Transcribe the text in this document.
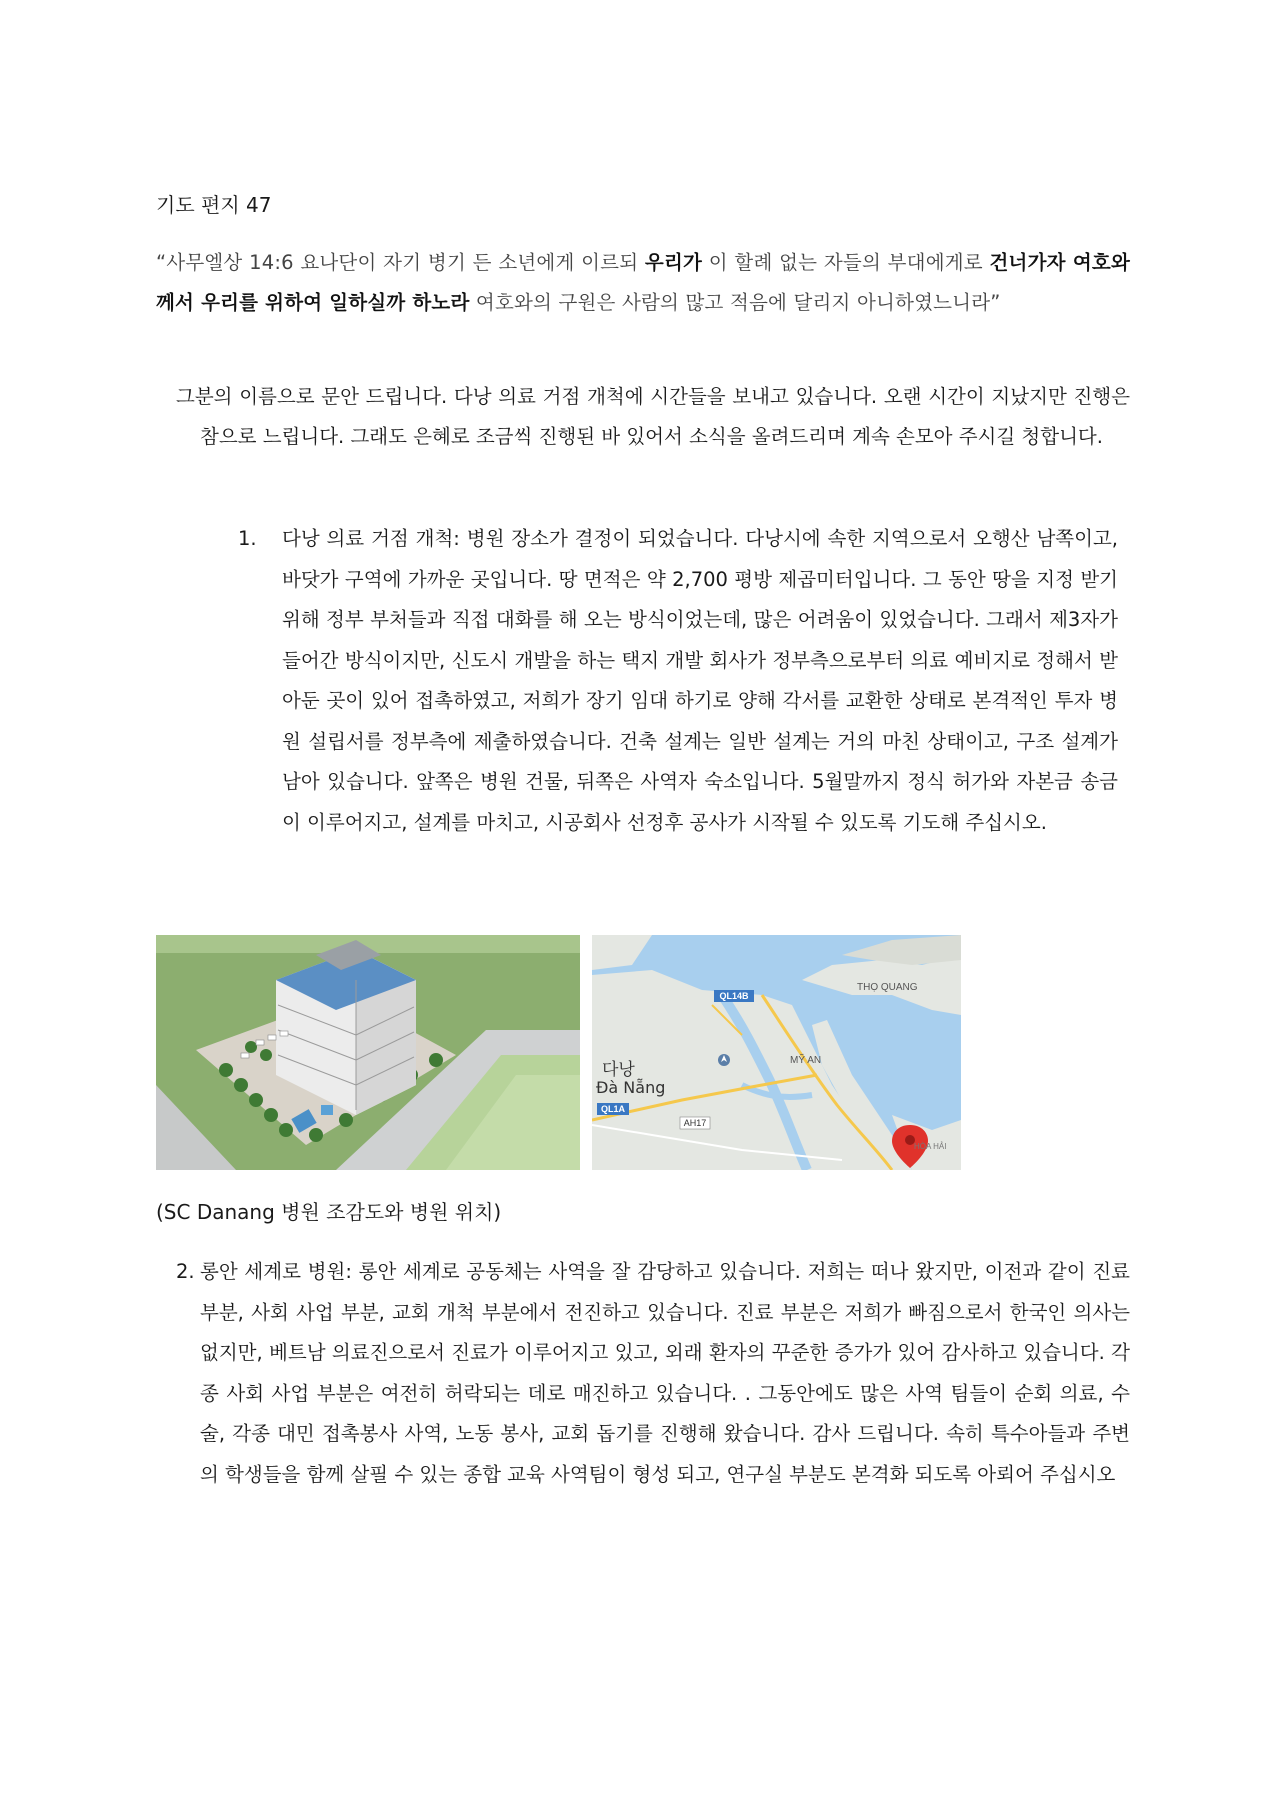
기도 편지 47
“사무엘상 14:6 요나단이 자기 병기 든 소년에게 이르되 우리가 이 할례 없는 자들의 부대에게로 건너가자 여호와께서 우리를 위하여 일하실까 하노라 여호와의 구원은 사람의 많고 적음에 달리지 아니하였느니라”

그분의 이름으로 문안 드립니다. 다낭 의료 거점 개척에 시간들을 보내고 있습니다. 오랜 시간이 지났지만 진행은 참으로 느립니다. 그래도 은혜로 조금씩 진행된 바 있어서 소식을 올려드리며 계속 손모아 주시길 청합니다.

1. 다낭 의료 거점 개척: 병원 장소가 결정이 되었습니다. 다낭시에 속한 지역으로서 오행산 남쪽이고, 바닷가 구역에 가까운 곳입니다. 땅 면적은 약 2,700 평방 제곱미터입니다. 그 동안 땅을 지정 받기 위해 정부 부처들과 직접 대화를 해 오는 방식이었는데, 많은 어려움이 있었습니다. 그래서 제3자가 들어간 방식이지만, 신도시 개발을 하는 택지 개발 회사가 정부측으로부터 의료 예비지로 정해서 받아둔 곳이 있어 접촉하였고, 저희가 장기 임대 하기로 양해 각서를 교환한 상태로 본격적인 투자 병원 설립서를 정부측에 제출하였습니다. 건축 설계는 일반 설계는 거의 마친 상태이고, 구조 설계가 남아 있습니다. 앞쪽은 병원 건물, 뒤쪽은 사역자 숙소입니다. 5월말까지 정식 허가와 자본금 송금이 이루어지고, 설계를 마치고, 시공회사 선정후 공사가 시작될 수 있도록 기도해 주십시오.
QL14B
THỌ QUANG
다낭
Đà Nẵng
MỸ AN
QL1A
AH17
HÒA HẢI
(SC Danang 병원 조감도와 병원 위치)
2. 롱안 세계로 병원: 롱안 세계로 공동체는 사역을 잘 감당하고 있습니다. 저희는 떠나 왔지만, 이전과 같이 진료 부분, 사회 사업 부분, 교회 개척 부분에서 전진하고 있습니다. 진료 부분은 저희가 빠짐으로서 한국인 의사는 없지만, 베트남 의료진으로서 진료가 이루어지고 있고, 외래 환자의 꾸준한 증가가 있어 감사하고 있습니다. 각종 사회 사업 부분은 여전히 허락되는 데로 매진하고 있습니다. . 그동안에도 많은 사역 팀들이 순회 의료, 수술, 각종 대민 접촉봉사 사역, 노동 봉사, 교회 돕기를 진행해 왔습니다. 감사 드립니다. 속히 특수아들과 주변의 학생들을 함께 살필 수 있는 종합 교육 사역팀이 형성 되고, 연구실 부분도 본격화 되도록 아뢰어 주십시오
